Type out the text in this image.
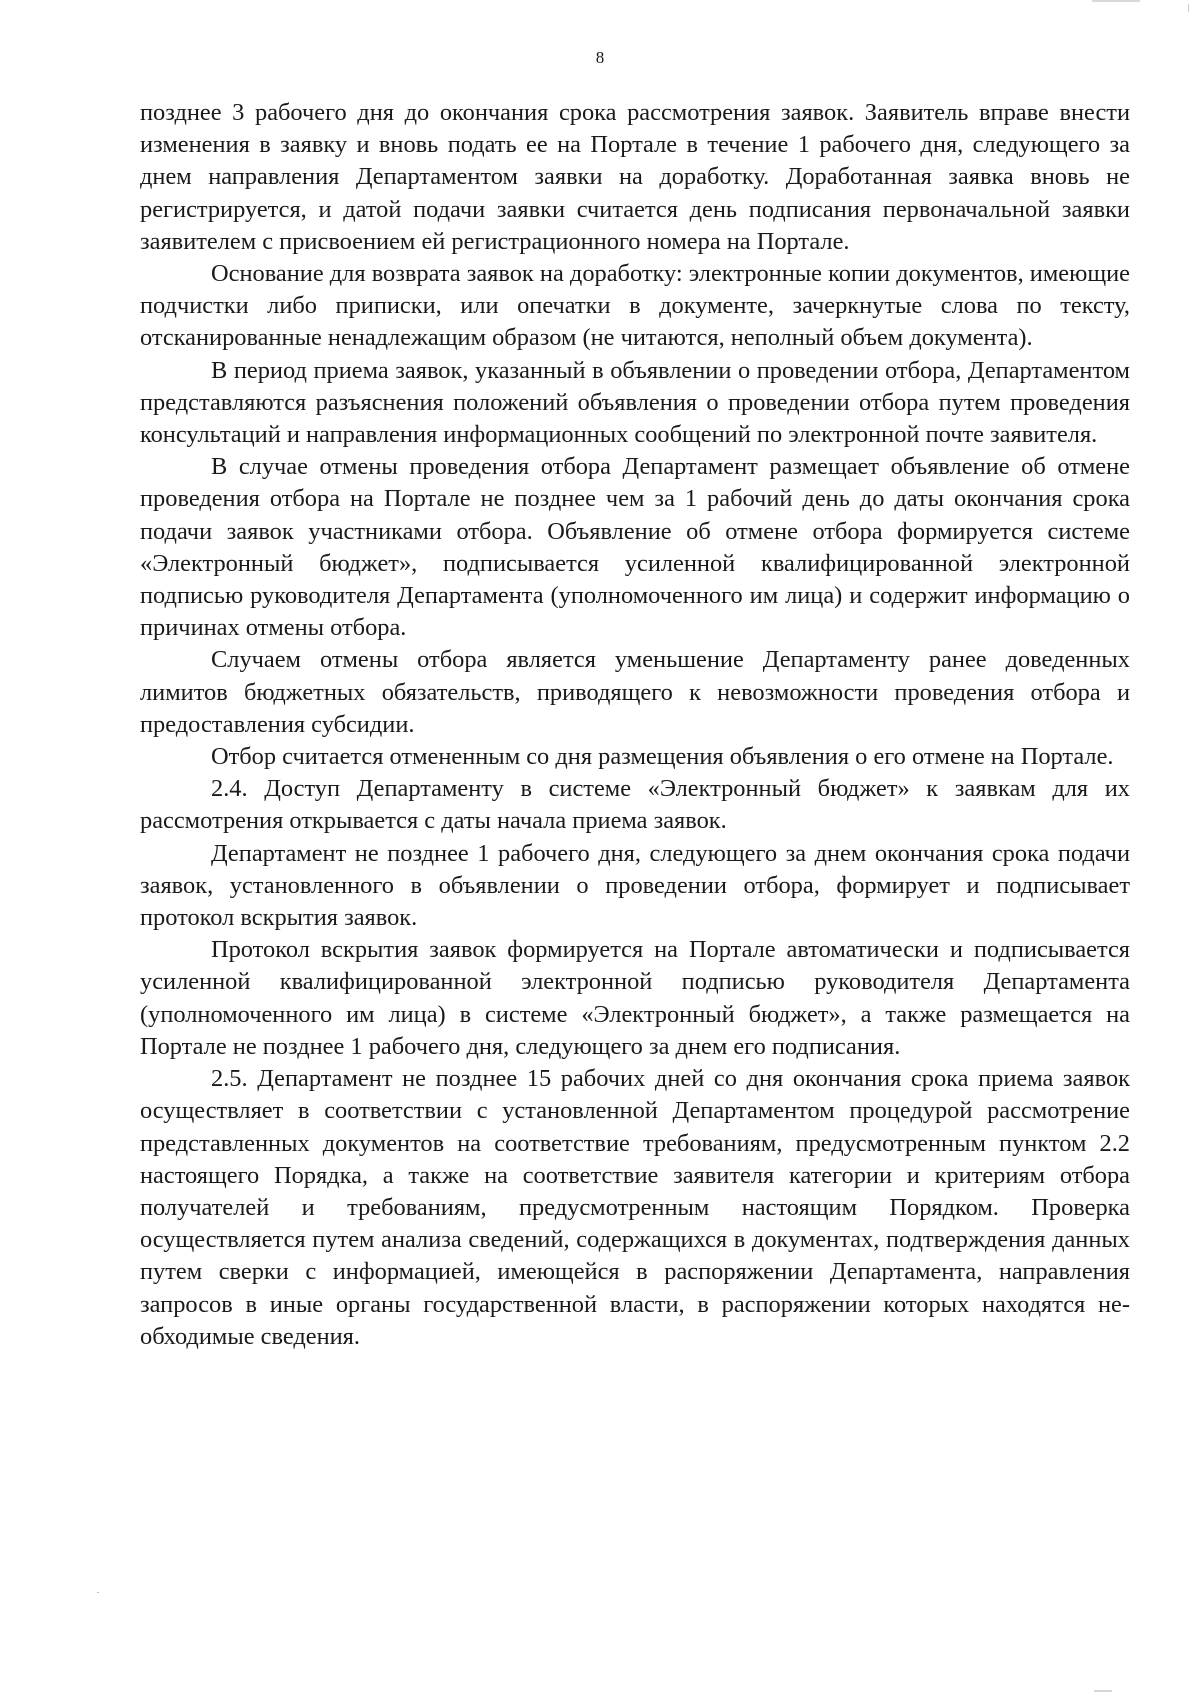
8

позднее 3 рабочего дня до окончания срока рассмотрения заявок. Заявитель вправе внести изменения в заявку и вновь подать ее на Портале в течение 1 рабочего дня, следующего за днем направления Департаментом заявки на доработку. Доработанная заявка вновь не регистрируется, и датой подачи заявки считается день подписания первоначальной заявки заявителем с присвоением ей регистрационного номера на Портале.

Основание для возврата заявок на доработку: электронные копии документов, имеющие подчистки либо приписки, или опечатки в документе, зачеркнутые слова по тексту, отсканированные ненадлежащим образом (не читаются, неполный объем документа).

В период приема заявок, указанный в объявлении о проведении отбора, Департаментом представляются разъяснения положений объявления о проведении отбора путем проведения консультаций и направления информационных сообщений по электронной почте заявителя.

В случае отмены проведения отбора Департамент размещает объявление об отмене проведения отбора на Портале не позднее чем за 1 рабочий день до даты окончания срока подачи заявок участниками отбора. Объявление об отмене отбора формируется системе «Электронный бюджет», подписывается усиленной квалифицированной электронной подписью руководителя Департамента (уполномоченного им лица) и содержит информацию о причинах отмены отбора.

Случаем отмены отбора является уменьшение Департаменту ранее доведенных лимитов бюджетных обязательств, приводящего к невозможности проведения отбора и предоставления субсидии.

Отбор считается отмененным со дня размещения объявления о его отмене на Портале.

2.4. Доступ Департаменту в системе «Электронный бюджет» к заявкам для их рассмотрения открывается с даты начала приема заявок.

Департамент не позднее 1 рабочего дня, следующего за днем окончания срока подачи заявок, установленного в объявлении о проведении отбора, формирует и подписывает протокол вскрытия заявок.

Протокол вскрытия заявок формируется на Портале автоматически и подписывается усиленной квалифицированной электронной подписью руководителя Департамента (уполномоченного им лица) в системе «Электронный бюджет», а также размещается на Портале не позднее 1 рабочего дня, следующего за днем его подписания.

2.5. Департамент не позднее 15 рабочих дней со дня окончания срока приема заявок осуществляет в соответствии с установленной Департаментом процедурой рассмотрение представленных документов на соответствие требованиям, предусмотренным пунктом 2.2 настоящего Порядка, а также на соответствие заявителя категории и критериям отбора получателей и требованиям, предусмотренным настоящим Порядком. Проверка осуществляется путем анализа сведений, содержащихся в документах, подтверждения данных путем сверки с информацией, имеющейся в распоряжении Департамента, направления запросов в иные органы государственной власти, в распоряжении которых находятся необходимые сведения.
